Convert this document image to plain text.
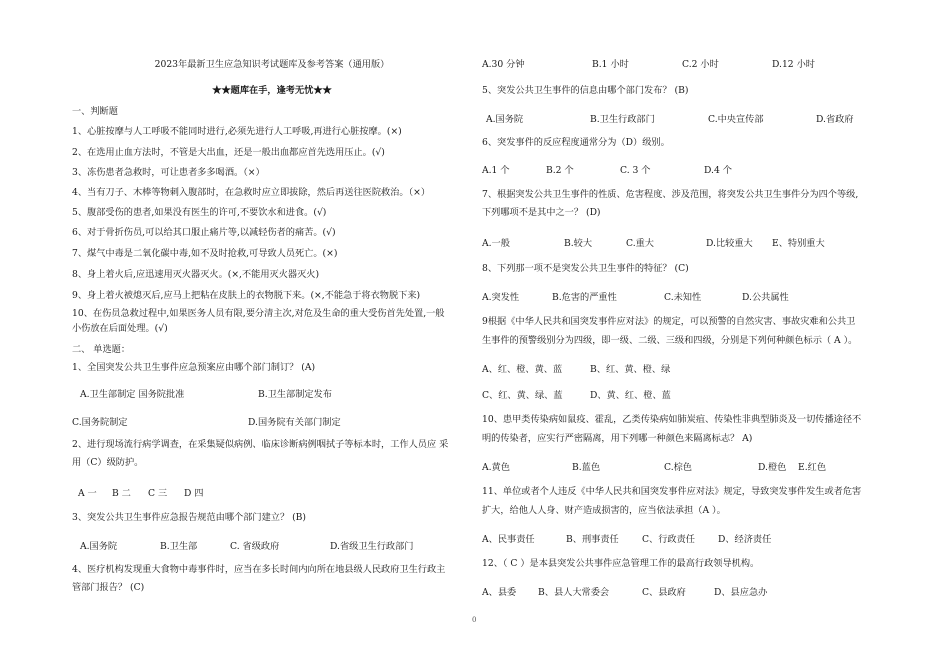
2023年最新卫生应急知识考试题库及参考答案（通用版）
★★题库在手，逢考无忧★★
一、判断题
1、心脏按摩与人工呼吸不能同时进行,必须先进行人工呼吸,再进行心脏按摩。(×)
2、在选用止血方法时，不管是大出血，还是一般出血都应首先选用压止。(√)
3、冻伤患者急救时，可让患者多多喝酒。（×）
4、当有刀子、木棒等物刺入腹部时，在急救时应立即拔除，然后再送往医院救治。（×）
5、腹部受伤的患者,如果没有医生的许可,不要饮水和进食。(√)
6、对于骨折伤员,可以给其口服止痛片等,以减轻伤者的痛苦。(√)
7、煤气中毒是二氧化碳中毒,如不及时抢救,可导致人员死亡。(×)
8、身上着火后,应迅速用灭火器灭火。(×,不能用灭火器灭火)
9、身上着火被熄灭后,应马上把粘在皮肤上的衣物脱下来。(×,不能急于将衣物脱下来)
10、在伤员急救过程中,如果医务人员有限,要分清主次,对危及生命的重大受伤首先处置,一般
小伤放在后面处理。(√)
二、 单选题：
1、全国突发公共卫生事件应急预案应由哪个部门制订？ (A)
A.卫生部制定 国务院批准	B.卫生部制定发布
C.国务院制定	D.国务院有关部门制定
2、进行现场流行病学调查，在采集疑似病例、临床诊断病例咽拭子等标本时，工作人员应 采
用（C）级防护。
A 一 B 二 C 三 D 四
3、突发公共卫生事件应急报告规范由哪个部门建立？ (B)
A.国务院	B.卫生部	C. 省级政府	D.省级卫生行政部门
4、医疗机构发现重大食物中毒事件时，应当在多长时间内向所在地县级人民政府卫生行政主
管部门报告？ (C)
A.30 分钟	B.1 小时	C.2 小时	D.12 小时
5、突发公共卫生事件的信息由哪个部门发布？ (B)
A.国务院	B.卫生行政部门	C.中央宣传部	D.省政府
6、突发事件的反应程度通常分为（D）级别。
A.1 个	B.2 个	C. 3 个	D.4 个
7、根据突发公共卫生事件的性质、危害程度、涉及范围，将突发公共卫生事件分为四个等级,
下列哪项不是其中之一？ (D)
A.一般	B.较大	C.重大	D.比较重大 E、特别重大
8、下列那一项不是突发公共卫生事件的特征？ (C)
A.突发性	B.危害的严重性	C.未知性	D.公共属性
9根据《中华人民共和国突发事件应对法》的规定，可以预警的自然灾害、事故灾难和公共卫
生事件的预警级别分为四级，即一级、二级、三级和四级，分别是下列何种颜色标示（ A ）。
A、红、橙、黄、蓝	B、红、黄、橙、绿
C、红、黄、绿、蓝	D、黄、红、橙、蓝
10、患甲类传染病如鼠疫、霍乱，乙类传染病如肺炭疽、传染性非典型肺炎及一切传播途径不
明的传染者，应实行严密隔离，用下列哪一种颜色来隔离标志？ A)
A.黄色	B.蓝色	C.棕色	D.橙色 E.红色
11、单位或者个人违反《中华人民共和国突发事件应对法》规定，导致突发事件发生或者危害
扩大，给他人人身、财产造成损害的，应当依法承担（A ）。
A、民事责任	B、刑事责任	C、行政责任	D、经济责任
12、（ C ）是本县突发公共事件应急管理工作的最高行政领导机构。
A、县委 B、县人大常委会	C、县政府	D、县应急办
0
